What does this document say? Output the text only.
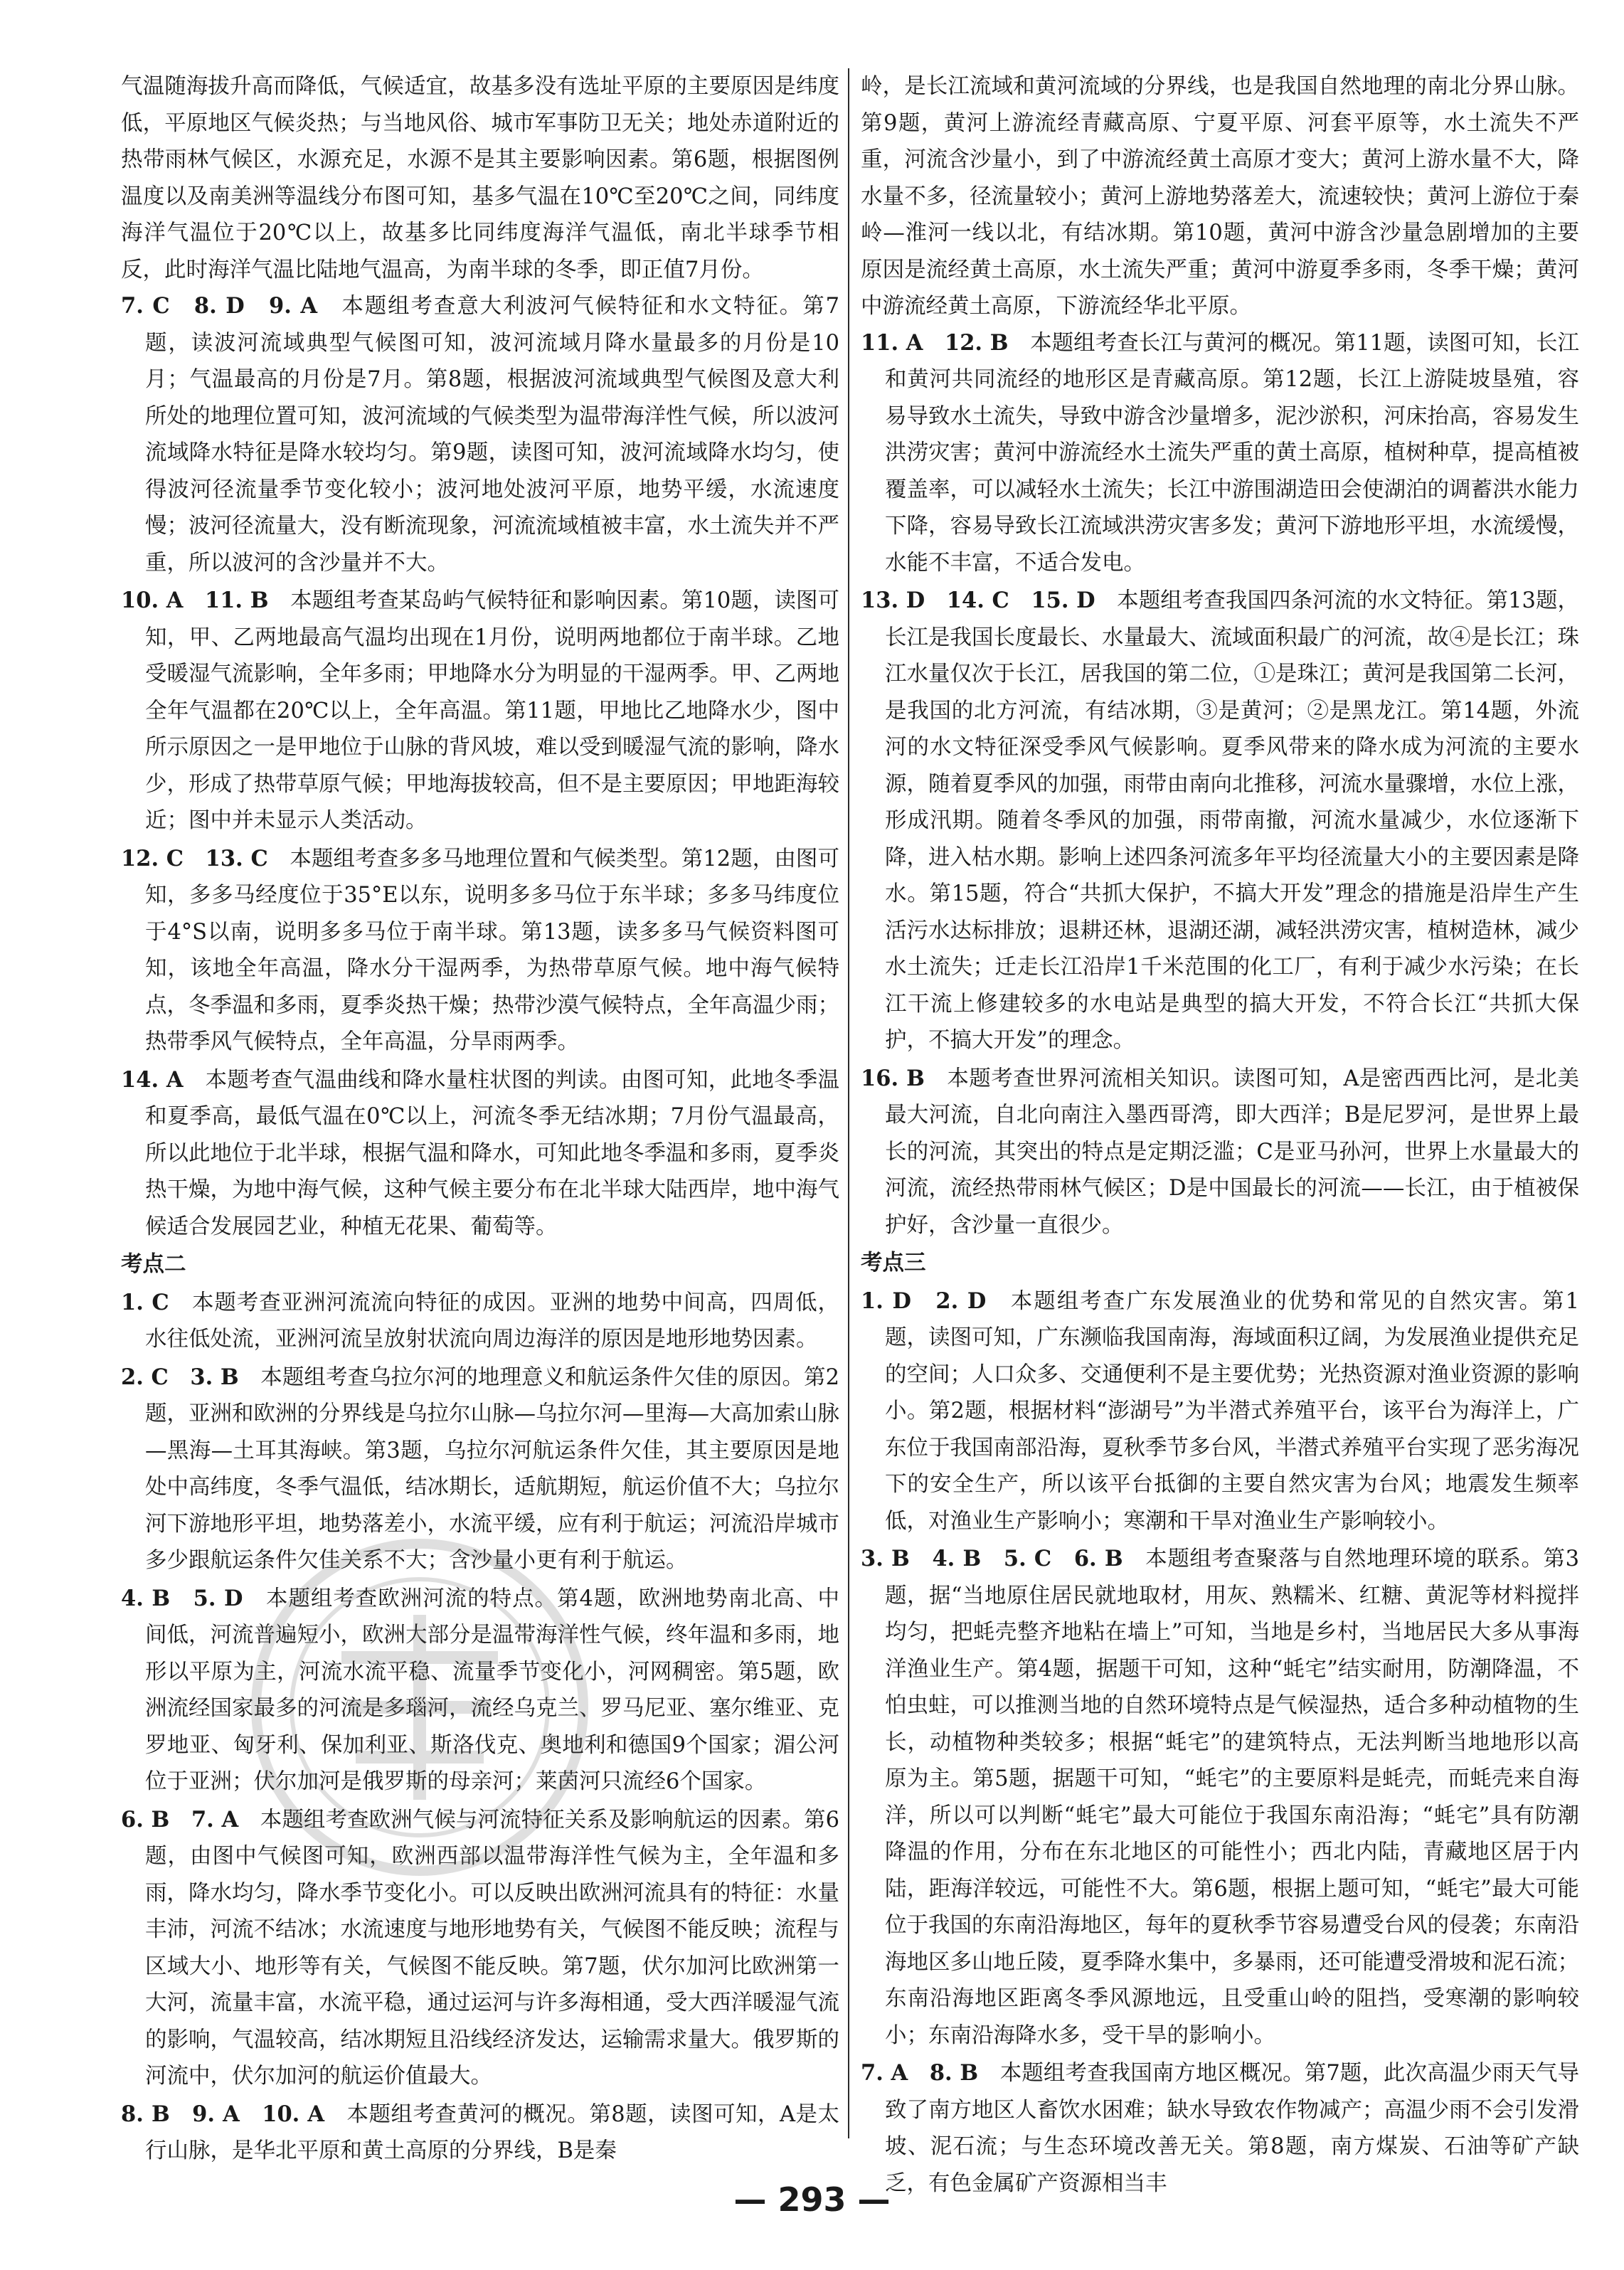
气温随海拔升高而降低，气候适宜，故基多没有选址平原的主要原因是纬度低，平原地区气候炎热；与当地风俗、城市军事防卫无关；地处赤道附近的热带雨林气候区，水源充足，水源不是其主要影响因素。第6题，根据图例温度以及南美洲等温线分布图可知，基多气温在10℃至20℃之间，同纬度海洋气温位于20℃以上，故基多比同纬度海洋气温低，南北半球季节相反，此时海洋气温比陆地气温高，为南半球的冬季，即正值7月份。

7. C　8. D　9. A　本题组考查意大利波河气候特征和水文特征。第7题，读波河流域典型气候图可知，波河流域月降水量最多的月份是10月；气温最高的月份是7月。第8题，根据波河流域典型气候图及意大利所处的地理位置可知，波河流域的气候类型为温带海洋性气候，所以波河流域降水特征是降水较均匀。第9题，读图可知，波河流域降水均匀，使得波河径流量季节变化较小；波河地处波河平原，地势平缓，水流速度慢；波河径流量大，没有断流现象，河流流域植被丰富，水土流失并不严重，所以波河的含沙量并不大。

10. A　11. B　本题组考查某岛屿气候特征和影响因素。第10题，读图可知，甲、乙两地最高气温均出现在1月份，说明两地都位于南半球。乙地受暖湿气流影响，全年多雨；甲地降水分为明显的干湿两季。甲、乙两地全年气温都在20℃以上，全年高温。第11题，甲地比乙地降水少，图中所示原因之一是甲地位于山脉的背风坡，难以受到暖湿气流的影响，降水少，形成了热带草原气候；甲地海拔较高，但不是主要原因；甲地距海较近；图中并未显示人类活动。

12. C　13. C　本题组考查多多马地理位置和气候类型。第12题，由图可知，多多马经度位于35°E以东，说明多多马位于东半球；多多马纬度位于4°S以南，说明多多马位于南半球。第13题，读多多马气候资料图可知，该地全年高温，降水分干湿两季，为热带草原气候。地中海气候特点，冬季温和多雨，夏季炎热干燥；热带沙漠气候特点，全年高温少雨；热带季风气候特点，全年高温，分旱雨两季。

14. A　本题考查气温曲线和降水量柱状图的判读。由图可知，此地冬季温和夏季高，最低气温在0℃以上，河流冬季无结冰期；7月份气温最高，所以此地位于北半球，根据气温和降水，可知此地冬季温和多雨，夏季炎热干燥，为地中海气候，这种气候主要分布在北半球大陆西岸，地中海气候适合发展园艺业，种植无花果、葡萄等。

考点二

1. C　本题考查亚洲河流流向特征的成因。亚洲的地势中间高，四周低，水往低处流，亚洲河流呈放射状流向周边海洋的原因是地形地势因素。

2. C　3. B　本题组考查乌拉尔河的地理意义和航运条件欠佳的原因。第2题，亚洲和欧洲的分界线是乌拉尔山脉—乌拉尔河—里海—大高加索山脉—黑海—土耳其海峡。第3题，乌拉尔河航运条件欠佳，其主要原因是地处中高纬度，冬季气温低，结冰期长，适航期短，航运价值不大；乌拉尔河下游地形平坦，地势落差小，水流平缓，应有利于航运；河流沿岸城市多少跟航运条件欠佳关系不大；含沙量小更有利于航运。

4. B　5. D　本题组考查欧洲河流的特点。第4题，欧洲地势南北高、中间低，河流普遍短小，欧洲大部分是温带海洋性气候，终年温和多雨，地形以平原为主，河流水流平稳、流量季节变化小，河网稠密。第5题，欧洲流经国家最多的河流是多瑙河，流经乌克兰、罗马尼亚、塞尔维亚、克罗地亚、匈牙利、保加利亚、斯洛伐克、奥地利和德国9个国家；湄公河位于亚洲；伏尔加河是俄罗斯的母亲河；莱茵河只流经6个国家。

6. B　7. A　本题组考查欧洲气候与河流特征关系及影响航运的因素。第6题，由图中气候图可知，欧洲西部以温带海洋性气候为主，全年温和多雨，降水均匀，降水季节变化小。可以反映出欧洲河流具有的特征：水量丰沛，河流不结冰；水流速度与地形地势有关，气候图不能反映；流程与区域大小、地形等有关，气候图不能反映。第7题，伏尔加河比欧洲第一大河，流量丰富，水流平稳，通过运河与许多海相通，受大西洋暖湿气流的影响，气温较高，结冰期短且沿线经济发达，运输需求量大。俄罗斯的河流中，伏尔加河的航运价值最大。

8. B　9. A　10. A　本题组考查黄河的概况。第8题，读图可知，A是太行山脉，是华北平原和黄土高原的分界线，B是秦

岭，是长江流域和黄河流域的分界线，也是我国自然地理的南北分界山脉。第9题，黄河上游流经青藏高原、宁夏平原、河套平原等，水土流失不严重，河流含沙量小，到了中游流经黄土高原才变大；黄河上游水量不大，降水量不多，径流量较小；黄河上游地势落差大，流速较快；黄河上游位于秦岭—淮河一线以北，有结冰期。第10题，黄河中游含沙量急剧增加的主要原因是流经黄土高原，水土流失严重；黄河中游夏季多雨，冬季干燥；黄河中游流经黄土高原，下游流经华北平原。

11. A　12. B　本题组考查长江与黄河的概况。第11题，读图可知，长江和黄河共同流经的地形区是青藏高原。第12题，长江上游陡坡垦殖，容易导致水土流失，导致中游含沙量增多，泥沙淤积，河床抬高，容易发生洪涝灾害；黄河中游流经水土流失严重的黄土高原，植树种草，提高植被覆盖率，可以减轻水土流失；长江中游围湖造田会使湖泊的调蓄洪水能力下降，容易导致长江流域洪涝灾害多发；黄河下游地形平坦，水流缓慢，水能不丰富，不适合发电。

13. D　14. C　15. D　本题组考查我国四条河流的水文特征。第13题，长江是我国长度最长、水量最大、流域面积最广的河流，故④是长江；珠江水量仅次于长江，居我国的第二位，①是珠江；黄河是我国第二长河，是我国的北方河流，有结冰期，③是黄河；②是黑龙江。第14题，外流河的水文特征深受季风气候影响。夏季风带来的降水成为河流的主要水源，随着夏季风的加强，雨带由南向北推移，河流水量骤增，水位上涨，形成汛期。随着冬季风的加强，雨带南撤，河流水量减少，水位逐渐下降，进入枯水期。影响上述四条河流多年平均径流量大小的主要因素是降水。第15题，符合“共抓大保护，不搞大开发”理念的措施是沿岸生产生活污水达标排放；退耕还林，退湖还湖，减轻洪涝灾害，植树造林，减少水土流失；迁走长江沿岸1千米范围的化工厂，有利于减少水污染；在长江干流上修建较多的水电站是典型的搞大开发，不符合长江“共抓大保护，不搞大开发”的理念。

16. B　本题考查世界河流相关知识。读图可知，A是密西西比河，是北美最大河流，自北向南注入墨西哥湾，即大西洋；B是尼罗河，是世界上最长的河流，其突出的特点是定期泛滥；C是亚马孙河，世界上水量最大的河流，流经热带雨林气候区；D是中国最长的河流——长江，由于植被保护好，含沙量一直很少。

考点三

1. D　2. D　本题组考查广东发展渔业的优势和常见的自然灾害。第1题，读图可知，广东濒临我国南海，海域面积辽阔，为发展渔业提供充足的空间；人口众多、交通便利不是主要优势；光热资源对渔业资源的影响小。第2题，根据材料“澎湖号”为半潜式养殖平台，该平台为海洋上，广东位于我国南部沿海，夏秋季节多台风，半潜式养殖平台实现了恶劣海况下的安全生产，所以该平台抵御的主要自然灾害为台风；地震发生频率低，对渔业生产影响小；寒潮和干旱对渔业生产影响较小。

3. B　4. B　5. C　6. B　本题组考查聚落与自然地理环境的联系。第3题，据“当地原住居民就地取材，用灰、熟糯米、红糖、黄泥等材料搅拌均匀，把蚝壳整齐地粘在墙上”可知，当地是乡村，当地居民大多从事海洋渔业生产。第4题，据题干可知，这种“蚝宅”结实耐用，防潮降温，不怕虫蛀，可以推测当地的自然环境特点是气候湿热，适合多种动植物的生长，动植物种类较多；根据“蚝宅”的建筑特点，无法判断当地地形以高原为主。第5题，据题干可知，“蚝宅”的主要原料是蚝壳，而蚝壳来自海洋，所以可以判断“蚝宅”最大可能位于我国东南沿海；“蚝宅”具有防潮降温的作用，分布在东北地区的可能性小；西北内陆，青藏地区居于内陆，距海洋较远，可能性不大。第6题，根据上题可知，“蚝宅”最大可能位于我国的东南沿海地区，每年的夏秋季节容易遭受台风的侵袭；东南沿海地区多山地丘陵，夏季降水集中，多暴雨，还可能遭受滑坡和泥石流；东南沿海地区距离冬季风源地远，且受重山岭的阻挡，受寒潮的影响较小；东南沿海降水多，受干旱的影响小。

7. A　8. B　本题组考查我国南方地区概况。第7题，此次高温少雨天气导致了南方地区人畜饮水困难；缺水导致农作物减产；高温少雨不会引发滑坡、泥石流；与生态环境改善无关。第8题，南方煤炭、石油等矿产缺乏，有色金属矿产资源相当丰

— 293 —
